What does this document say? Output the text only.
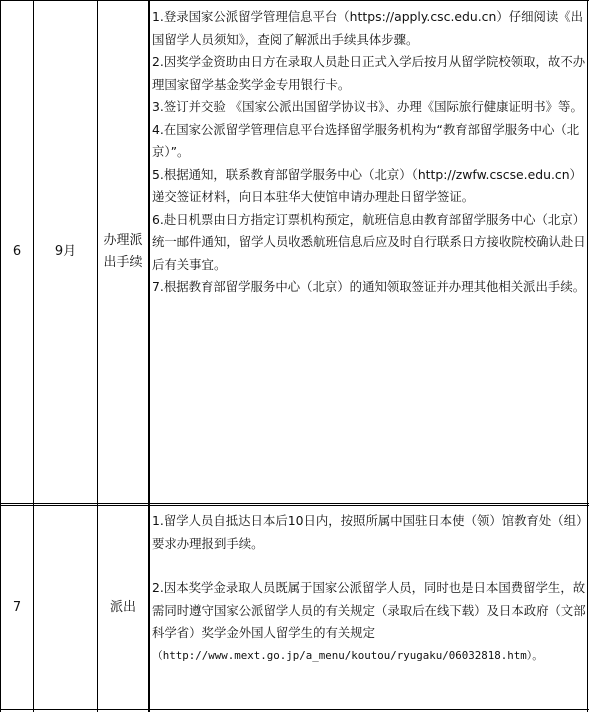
6	9月
办理派
出手续

1.登录国家公派留学管理信息平台（https://apply.csc.edu.cn）仔细阅读《出国留学人员须知》，查阅了解派出手续具体步骤。

2.因奖学金资助由日方在录取人员赴日正式入学后按月从留学院校领取，故不办理国家留学基金奖学金专用银行卡。

3.签订并交验 《国家公派出国留学协议书》、办理《国际旅行健康证明书》等。

4.在国家公派留学管理信息平台选择留学服务机构为“教育部留学服务中心（北京）”。

5.根据通知，联系教育部留学服务中心（北京）（http://zwfw.cscse.edu.cn）递交签证材料，向日本驻华大使馆申请办理赴日留学签证。

6.赴日机票由日方指定订票机构预定，航班信息由教育部留学服务中心（北京）统一邮件通知，留学人员收悉航班信息后应及时自行联系日方接收院校确认赴日后有关事宜。

7.根据教育部留学服务中心（北京）的通知领取签证并办理其他相关派出手续。

7	派出

1.留学人员自抵达日本后10日内，按照所属中国驻日本使（领）馆教育处（组）要求办理报到手续。

2.因本奖学金录取人员既属于国家公派留学人员，同时也是日本国费留学生，故需同时遵守国家公派留学人员的有关规定（录取后在线下载）及日本政府（文部科学省）奖学金外国人留学生的有关规定

（http://www.mext.go.jp/a_menu/koutou/ryugaku/06032818.htm）。
